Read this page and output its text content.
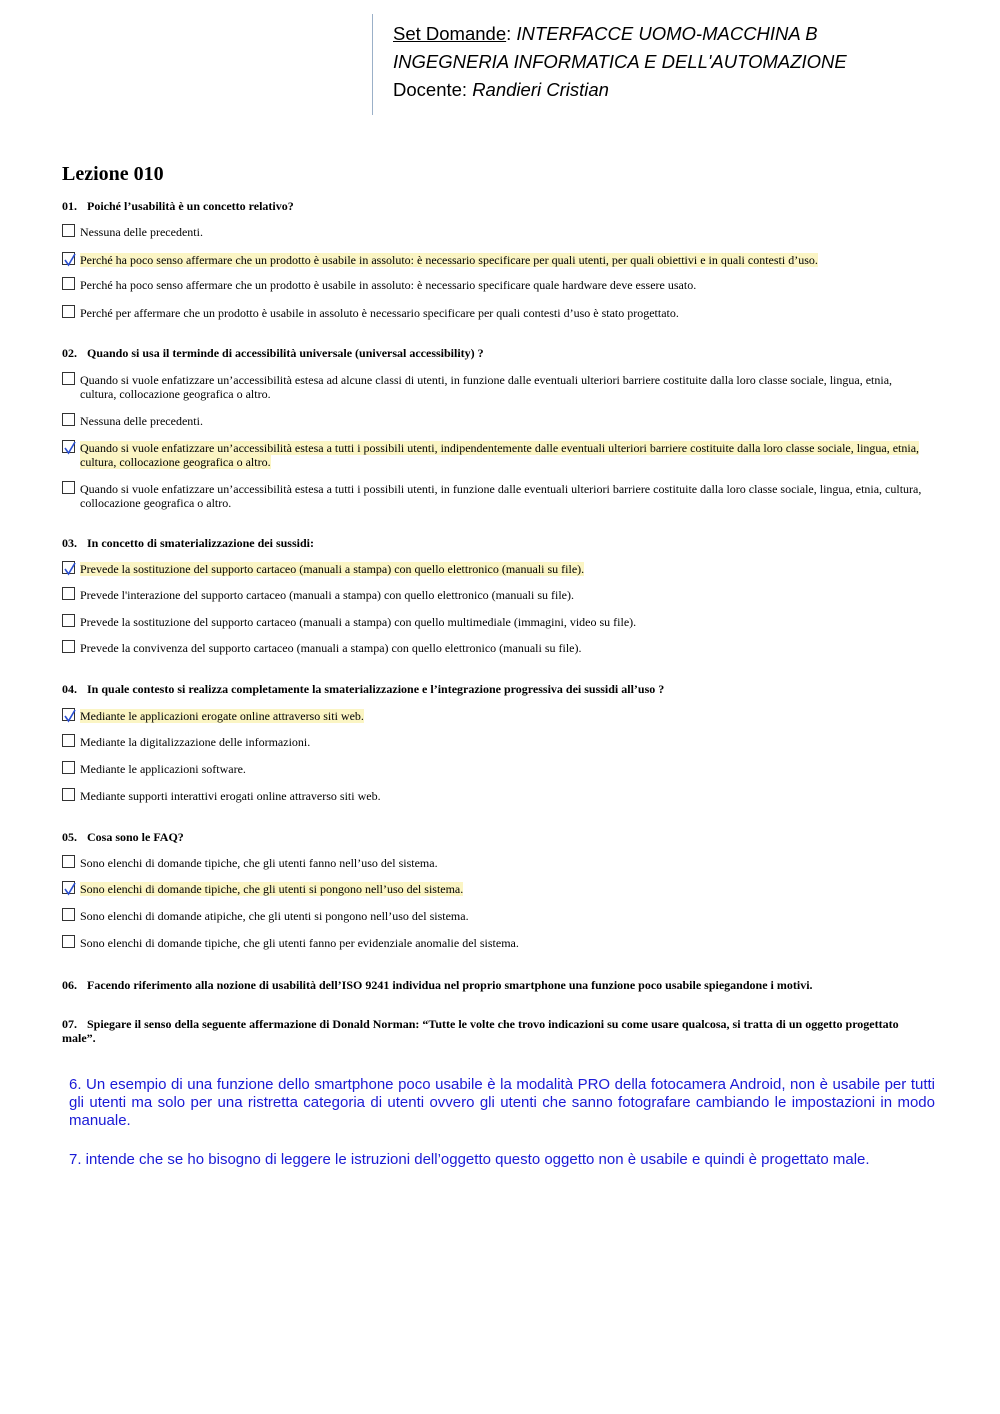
Set Domande: INTERFACCE UOMO-MACCHINA B
INGEGNERIA INFORMATICA E DELL'AUTOMAZIONE
Docente: Randieri Cristian
Lezione 010
01. Poiché l’usabilità è un concetto relativo?
Nessuna delle precedenti.
Perché ha poco senso affermare che un prodotto è usabile in assoluto: è necessario specificare per quali utenti, per quali obiettivi e in quali contesti d’uso.
Perché ha poco senso affermare che un prodotto è usabile in assoluto: è necessario specificare quale hardware deve essere usato.
Perché per affermare che un prodotto è usabile in assoluto è necessario specificare per quali contesti d’uso è stato progettato.
02. Quando si usa il terminde di accessibilità universale (universal accessibility) ?
Quando si vuole enfatizzare un’accessibilità estesa ad alcune classi di utenti, in funzione dalle eventuali ulteriori barriere costituite dalla loro classe sociale, lingua, etnia, cultura, collocazione geografica o altro.
Nessuna delle precedenti.
Quando si vuole enfatizzare un’accessibilità estesa a tutti i possibili utenti, indipendentemente dalle eventuali ulteriori barriere costituite dalla loro classe sociale, lingua, etnia, cultura, collocazione geografica o altro.
Quando si vuole enfatizzare un’accessibilità estesa a tutti i possibili utenti, in funzione dalle eventuali ulteriori barriere costituite dalla loro classe sociale, lingua, etnia, cultura, collocazione geografica o altro.
03. In concetto di smaterializzazione dei sussidi:
Prevede la sostituzione del supporto cartaceo (manuali a stampa) con quello elettronico (manuali su file).
Prevede l'interazione del supporto cartaceo (manuali a stampa) con quello elettronico (manuali su file).
Prevede la sostituzione del supporto cartaceo (manuali a stampa) con quello multimediale (immagini, video su file).
Prevede la convivenza del supporto cartaceo (manuali a stampa) con quello elettronico (manuali su file).
04. In quale contesto si realizza completamente la smaterializzazione e l’integrazione progressiva dei sussidi all’uso ?
Mediante le applicazioni erogate online attraverso siti web.
Mediante la digitalizzazione delle informazioni.
Mediante le applicazioni software.
Mediante supporti interattivi erogati online attraverso siti web.
05. Cosa sono le FAQ?
Sono elenchi di domande tipiche, che gli utenti fanno nell’uso del sistema.
Sono elenchi di domande tipiche, che gli utenti si pongono nell’uso del sistema.
Sono elenchi di domande atipiche, che gli utenti si pongono nell’uso del sistema.
Sono elenchi di domande tipiche, che gli utenti fanno per evidenziale anomalie del sistema.
06. Facendo riferimento alla nozione di usabilità dell’ISO 9241 individua nel proprio smartphone una funzione poco usabile spiegandone i motivi.
07. Spiegare il senso della seguente affermazione di Donald Norman: “Tutte le volte che trovo indicazioni su come usare qualcosa, si tratta di un oggetto progettato male”.
6. Un esempio di una funzione dello smartphone poco usabile è la modalità PRO della fotocamera Android, non è usabile per tutti gli utenti ma solo per una ristretta categoria di utenti ovvero gli utenti che sanno fotografare cambiando le impostazioni in modo manuale.
7. intende che se ho bisogno di leggere le istruzioni dell’oggetto questo oggetto non è usabile e quindi è progettato male.
